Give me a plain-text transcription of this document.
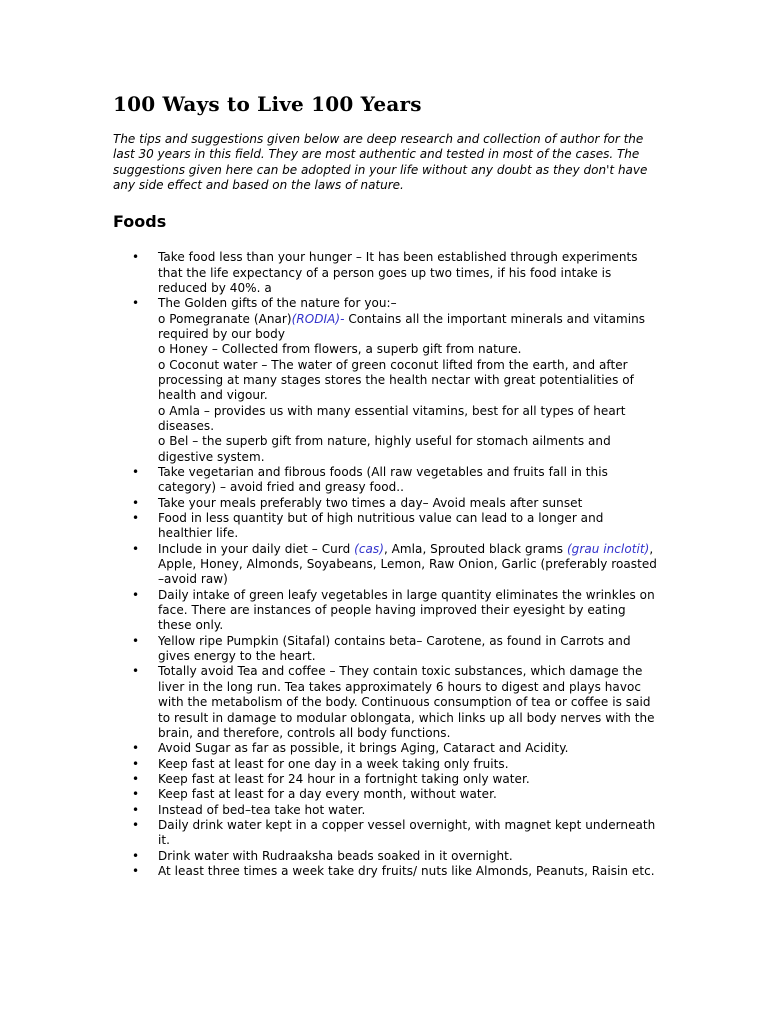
100 Ways to Live 100 Years

The tips and suggestions given below are deep research and collection of author for the last 30 years in this field. They are most authentic and tested in most of the cases. The suggestions given here can be adopted in your life without any doubt as they don't have any side effect and based on the laws of nature.

Foods
• Take food less than your hunger – It has been established through experiments that the life expectancy of a person goes up two times, if his food intake is reduced by 40%. a
• The Golden gifts of the nature for you:–
o Pomegranate (Anar)(RODIA)- Contains all the important minerals and vitamins required by our body
o Honey – Collected from flowers, a superb gift from nature.
o Coconut water – The water of green coconut lifted from the earth, and after processing at many stages stores the health nectar with great potentialities of health and vigour.
o Amla – provides us with many essential vitamins, best for all types of heart diseases.
o Bel – the superb gift from nature, highly useful for stomach ailments and digestive system.
• Take vegetarian and fibrous foods (All raw vegetables and fruits fall in this category) – avoid fried and greasy food..
• Take your meals preferably two times a day– Avoid meals after sunset
• Food in less quantity but of high nutritious value can lead to a longer and healthier life.
• Include in your daily diet – Curd (cas), Amla, Sprouted black grams (grau inclotit), Apple, Honey, Almonds, Soyabeans, Lemon, Raw Onion, Garlic (preferably roasted –avoid raw)
• Daily intake of green leafy vegetables in large quantity eliminates the wrinkles on face. There are instances of people having improved their eyesight by eating these only.
• Yellow ripe Pumpkin (Sitafal) contains beta– Carotene, as found in Carrots and gives energy to the heart.
• Totally avoid Tea and coffee – They contain toxic substances, which damage the liver in the long run. Tea takes approximately 6 hours to digest and plays havoc with the metabolism of the body. Continuous consumption of tea or coffee is said to result in damage to modular oblongata, which links up all body nerves with the brain, and therefore, controls all body functions.
• Avoid Sugar as far as possible, it brings Aging, Cataract and Acidity.
• Keep fast at least for one day in a week taking only fruits.
• Keep fast at least for 24 hour in a fortnight taking only water.
• Keep fast at least for a day every month, without water.
• Instead of bed–tea take hot water.
• Daily drink water kept in a copper vessel overnight, with magnet kept underneath it.
• Drink water with Rudraaksha beads soaked in it overnight.
• At least three times a week take dry fruits/ nuts like Almonds, Peanuts, Raisin etc.
